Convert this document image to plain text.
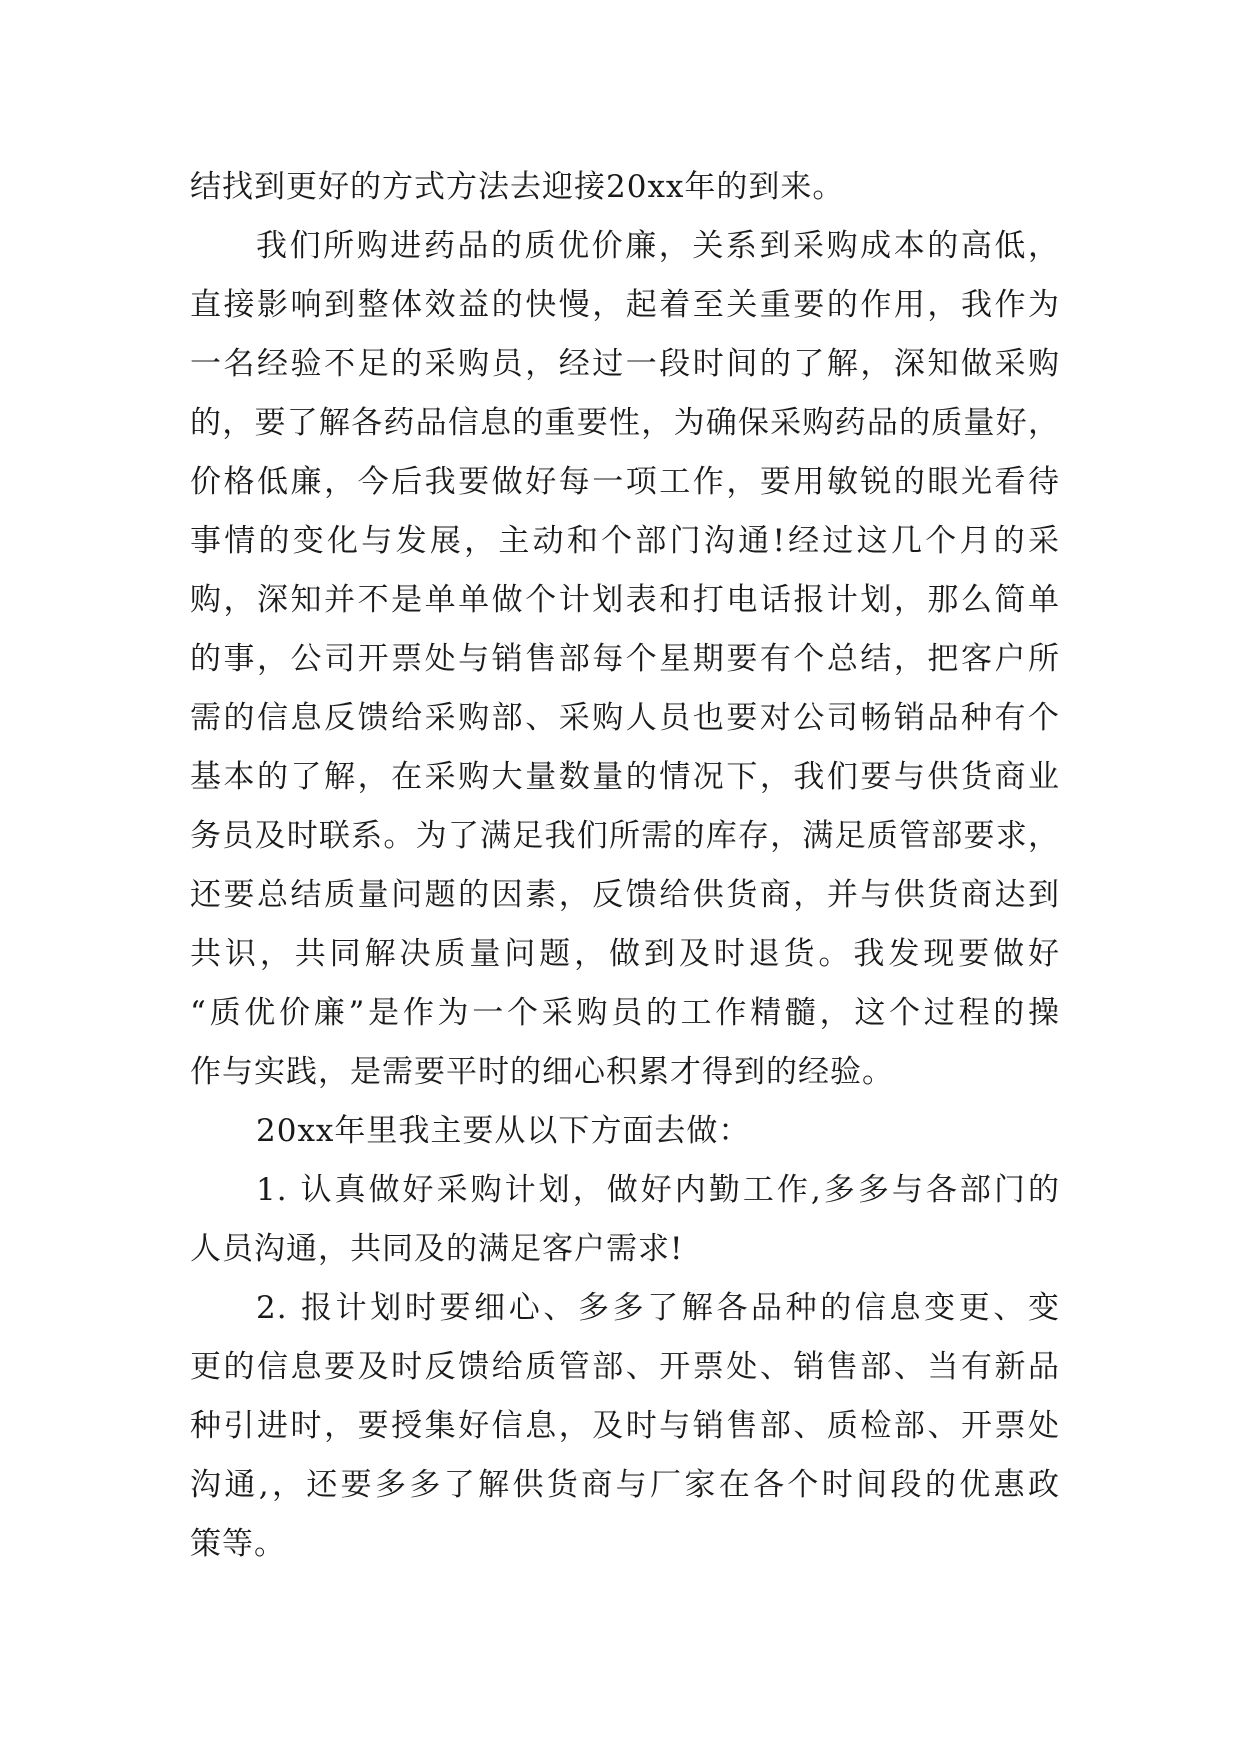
结找到更好的方式方法去迎接20xx年的到来。
我们所购进药品的质优价廉，关系到采购成本的高低，
直接影响到整体效益的快慢，起着至关重要的作用，我作为
一名经验不足的采购员，经过一段时间的了解，深知做采购
的，要了解各药品信息的重要性，为确保采购药品的质量好，
价格低廉，今后我要做好每一项工作，要用敏锐的眼光看待
事情的变化与发展，主动和个部门沟通!经过这几个月的采
购，深知并不是单单做个计划表和打电话报计划，那么简单
的事，公司开票处与销售部每个星期要有个总结，把客户所
需的信息反馈给采购部、采购人员也要对公司畅销品种有个
基本的了解，在采购大量数量的情况下，我们要与供货商业
务员及时联系。为了满足我们所需的库存，满足质管部要求，
还要总结质量问题的因素，反馈给供货商，并与供货商达到
共识，共同解决质量问题，做到及时退货。我发现要做好
“质优价廉”是作为一个采购员的工作精髓，这个过程的操
作与实践，是需要平时的细心积累才得到的经验。
20xx年里我主要从以下方面去做：
1. 认真做好采购计划，做好内勤工作,多多与各部门的
人员沟通，共同及的满足客户需求!
2. 报计划时要细心、多多了解各品种的信息变更、变
更的信息要及时反馈给质管部、开票处、销售部、当有新品
种引进时，要授集好信息，及时与销售部、质检部、开票处
沟通,，还要多多了解供货商与厂家在各个时间段的优惠政
策等。
